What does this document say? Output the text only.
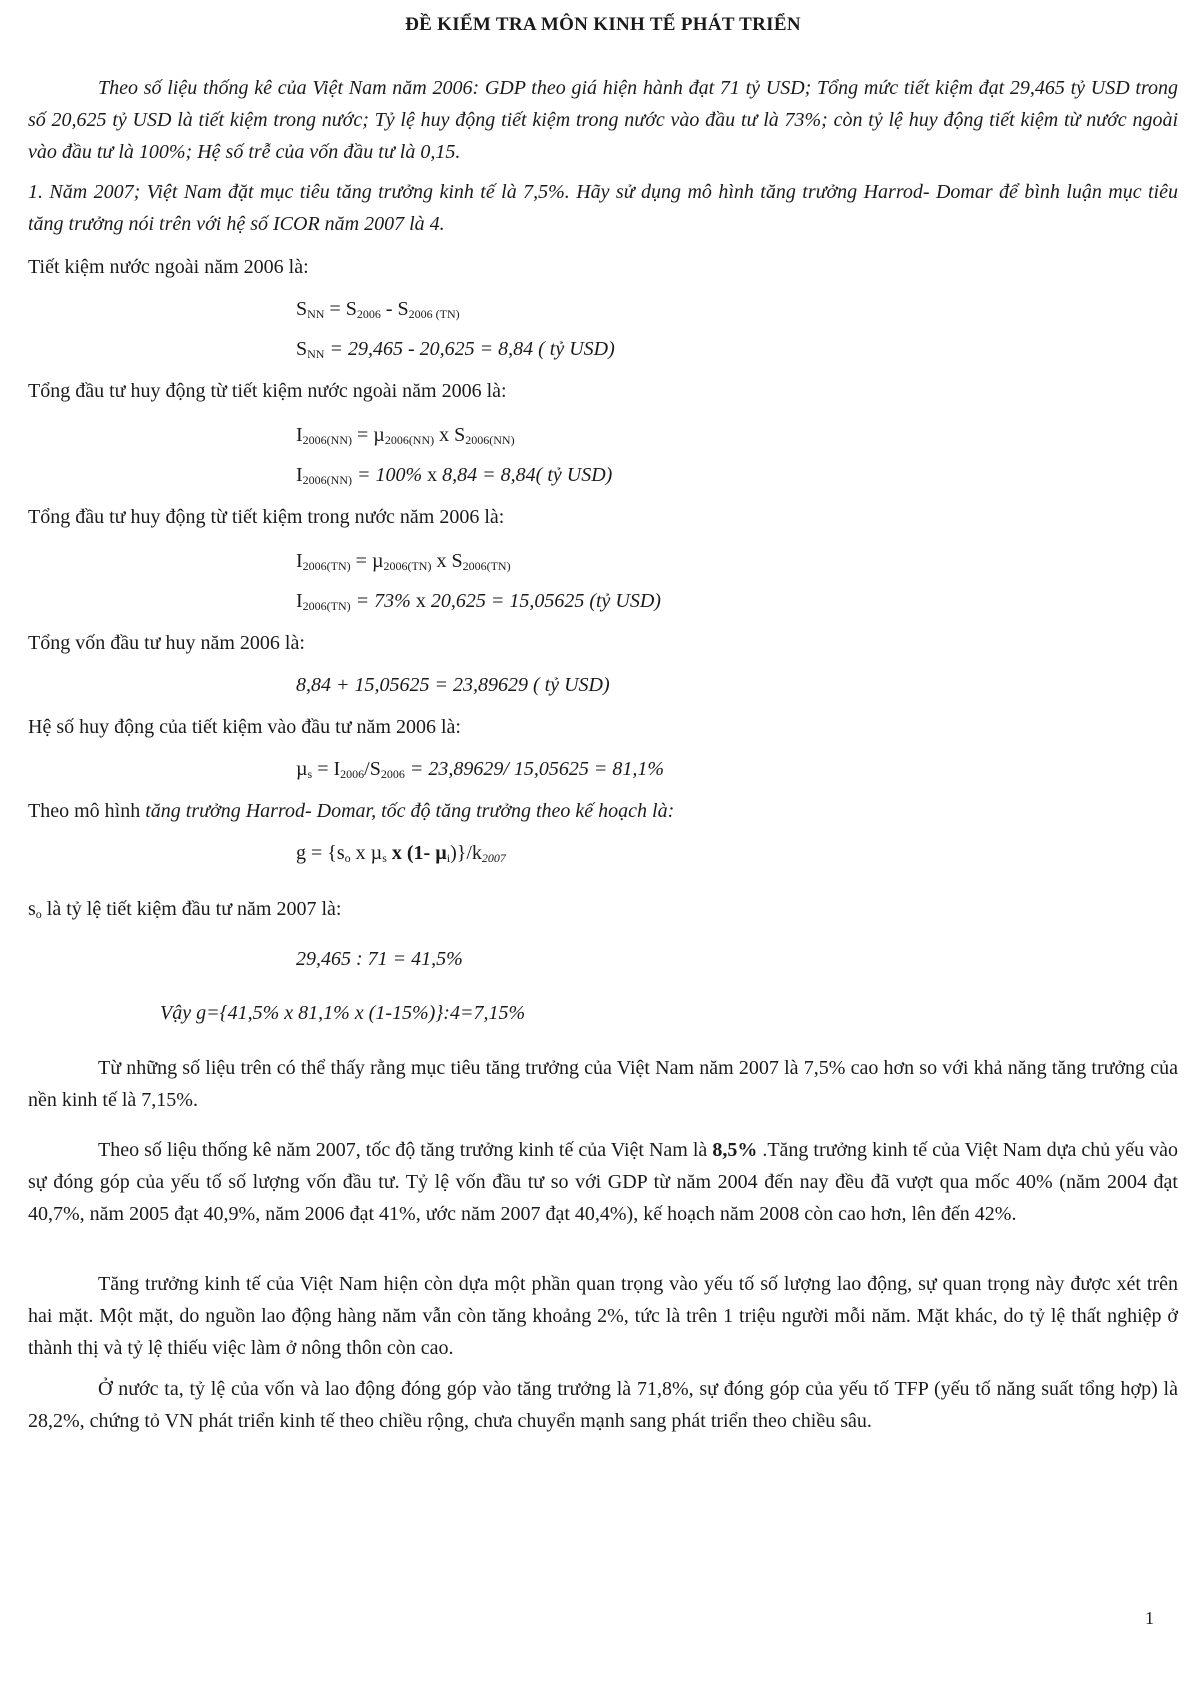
ĐỀ KIỂM TRA MÔN KINH TẾ PHÁT TRIỂN

Theo số liệu thống kê của Việt Nam năm 2006: GDP theo giá hiện hành đạt 71 tỷ USD; Tổng mức tiết kiệm đạt 29,465 tỷ USD trong số 20,625 tỷ USD là tiết kiệm trong nước; Tỷ lệ huy động tiết kiệm trong nước vào đầu tư là 73%; còn tỷ lệ huy động tiết kiệm từ nước ngoài vào đầu tư là 100%; Hệ số trễ của vốn đầu tư là 0,15.

1. Năm 2007; Việt Nam đặt mục tiêu tăng trưởng kinh tế là 7,5%. Hãy sử dụng mô hình tăng trưởng Harrod- Domar để bình luận mục tiêu tăng trưởng nói trên với hệ số ICOR năm 2007 là 4.

Tiết kiệm nước ngoài năm 2006 là:

$S_{NN} = S_{2006} - S_{2006 (TN)}$

$S_{NN} = 29,465 - 20,625 = 8,84$ ( tỷ USD)

Tổng đầu tư huy động từ tiết kiệm nước ngoài năm 2006 là:

$I_{2006(NN)} = \mu_{2006(NN)}$ x $S_{2006(NN)}$

$I_{2006(NN)} = 100\%$ x 8,84 = 8,84( tỷ USD)

Tổng đầu tư huy động từ tiết kiệm trong nước năm 2006 là:

$I_{2006(TN)} = \mu_{2006(TN)}$ x $S_{2006(TN)}$

$I_{2006(TN)} = 73\%$ x 20,625 = 15,05625 (tỷ USD)

Tổng vốn đầu tư huy năm 2006 là:

8,84 + 15,05625 = 23,89629 ( tỷ USD)

Hệ số huy động của tiết kiệm vào đầu tư năm 2006 là:

$\mu_s = I_{2006}/S_{2006} = 23,89629/$ 15,05625 = 81,1%

Theo mô hình tăng trưởng Harrod- Domar, tốc độ tăng trưởng theo kế hoạch là:

$g = \{s_o$ x µ$_s$ x (1- $\mu_i)\}/k_{2007}$

$s_o$ là tỷ lệ tiết kiệm đầu tư năm 2007 là:

29,465 : 71 = 41,5%

Vậy g={41,5% x 81,1% x (1-15%)}:4=7,15%

Từ những số liệu trên có thể thấy rằng mục tiêu tăng trưởng của Việt Nam năm 2007 là 7,5% cao hơn so với khả năng tăng trưởng của nền kinh tế là 7,15%.

Theo số liệu thống kê năm 2007, tốc độ tăng trưởng kinh tế của Việt Nam là 8,5% .Tăng trưởng kinh tế của Việt Nam dựa chủ yếu vào sự đóng góp của yếu tố số lượng vốn đầu tư. Tỷ lệ vốn đầu tư so với GDP từ năm 2004 đến nay đều đã vượt qua mốc 40% (năm 2004 đạt 40,7%, năm 2005 đạt 40,9%, năm 2006 đạt 41%, ước năm 2007 đạt 40,4%), kế hoạch năm 2008 còn cao hơn, lên đến 42%.

Tăng trưởng kinh tế của Việt Nam hiện còn dựa một phần quan trọng vào yếu tố số lượng lao động, sự quan trọng này được xét trên hai mặt. Một mặt, do nguồn lao động hàng năm vẫn còn tăng khoảng 2%, tức là trên 1 triệu người mỗi năm. Mặt khác, do tỷ lệ thất nghiệp ở thành thị và tỷ lệ thiếu việc làm ở nông thôn còn cao.

Ở nước ta, tỷ lệ của vốn và lao động đóng góp vào tăng trưởng là 71,8%, sự đóng góp của yếu tố TFP (yếu tố năng suất tổng hợp) là 28,2%, chứng tỏ VN phát triển kinh tế theo chiều rộng, chưa chuyển mạnh sang phát triển theo chiều sâu.

1
